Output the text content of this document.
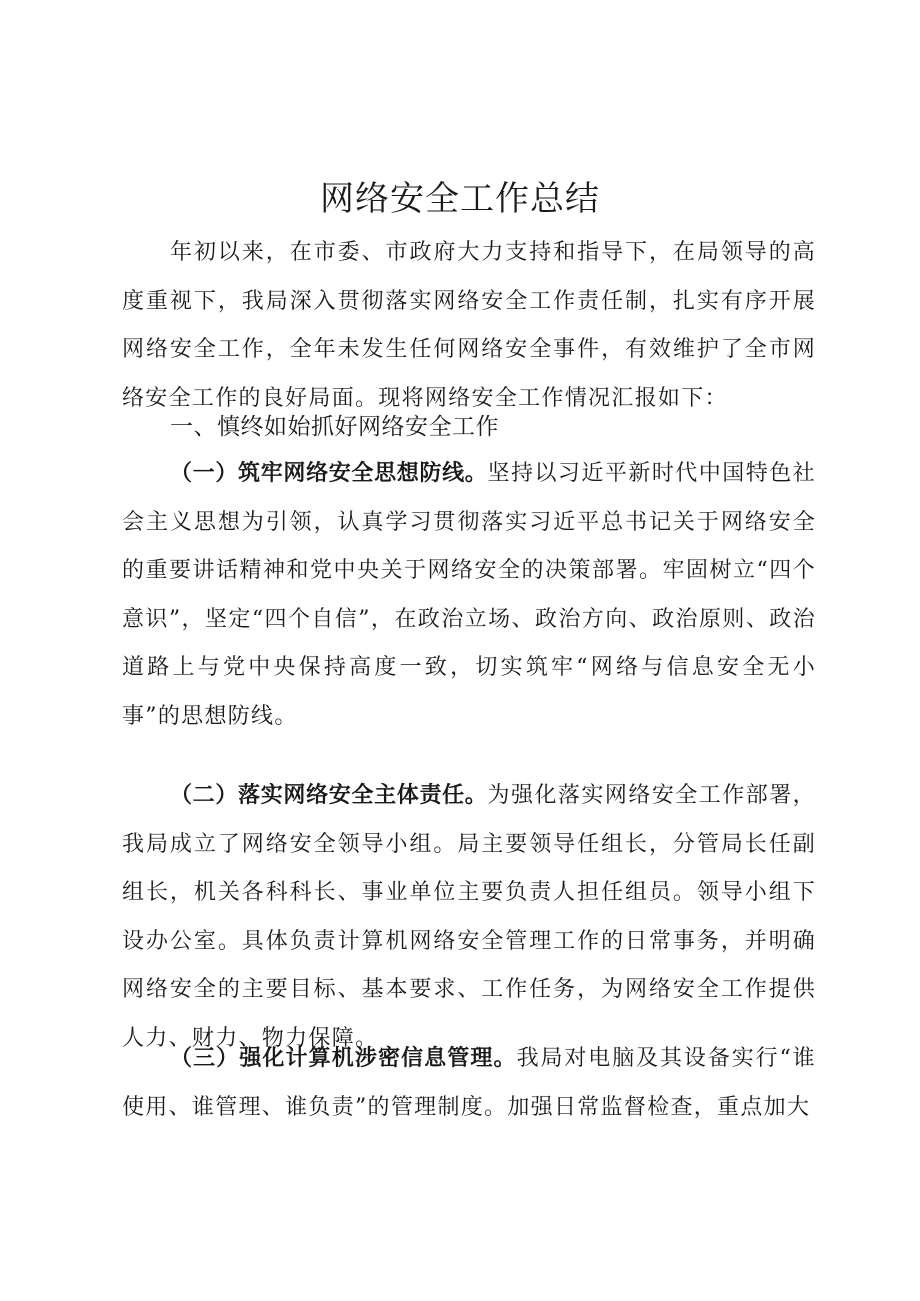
网络安全工作总结

年初以来，在市委、市政府大力支持和指导下，在局领导的高度重视下，我局深入贯彻落实网络安全工作责任制，扎实有序开展网络安全工作，全年未发生任何网络安全事件，有效维护了全市网络安全工作的良好局面。现将网络安全工作情况汇报如下：

一、慎终如始抓好网络安全工作

（一）筑牢网络安全思想防线。坚持以习近平新时代中国特色社会主义思想为引领，认真学习贯彻落实习近平总书记关于网络安全的重要讲话精神和党中央关于网络安全的决策部署。牢固树立“四个意识”，坚定“四个自信”，在政治立场、政治方向、政治原则、政治道路上与党中央保持高度一致，切实筑牢“网络与信息安全无小事”的思想防线。

（二）落实网络安全主体责任。为强化落实网络安全工作部署，我局成立了网络安全领导小组。局主要领导任组长，分管局长任副组长，机关各科科长、事业单位主要负责人担任组员。领导小组下设办公室。具体负责计算机网络安全管理工作的日常事务，并明确网络安全的主要目标、基本要求、工作任务，为网络安全工作提供人力、财力、物力保障。

（三）强化计算机涉密信息管理。我局对电脑及其设备实行“谁使用、谁管理、谁负责”的管理制度。加强日常监督检查，重点加大
